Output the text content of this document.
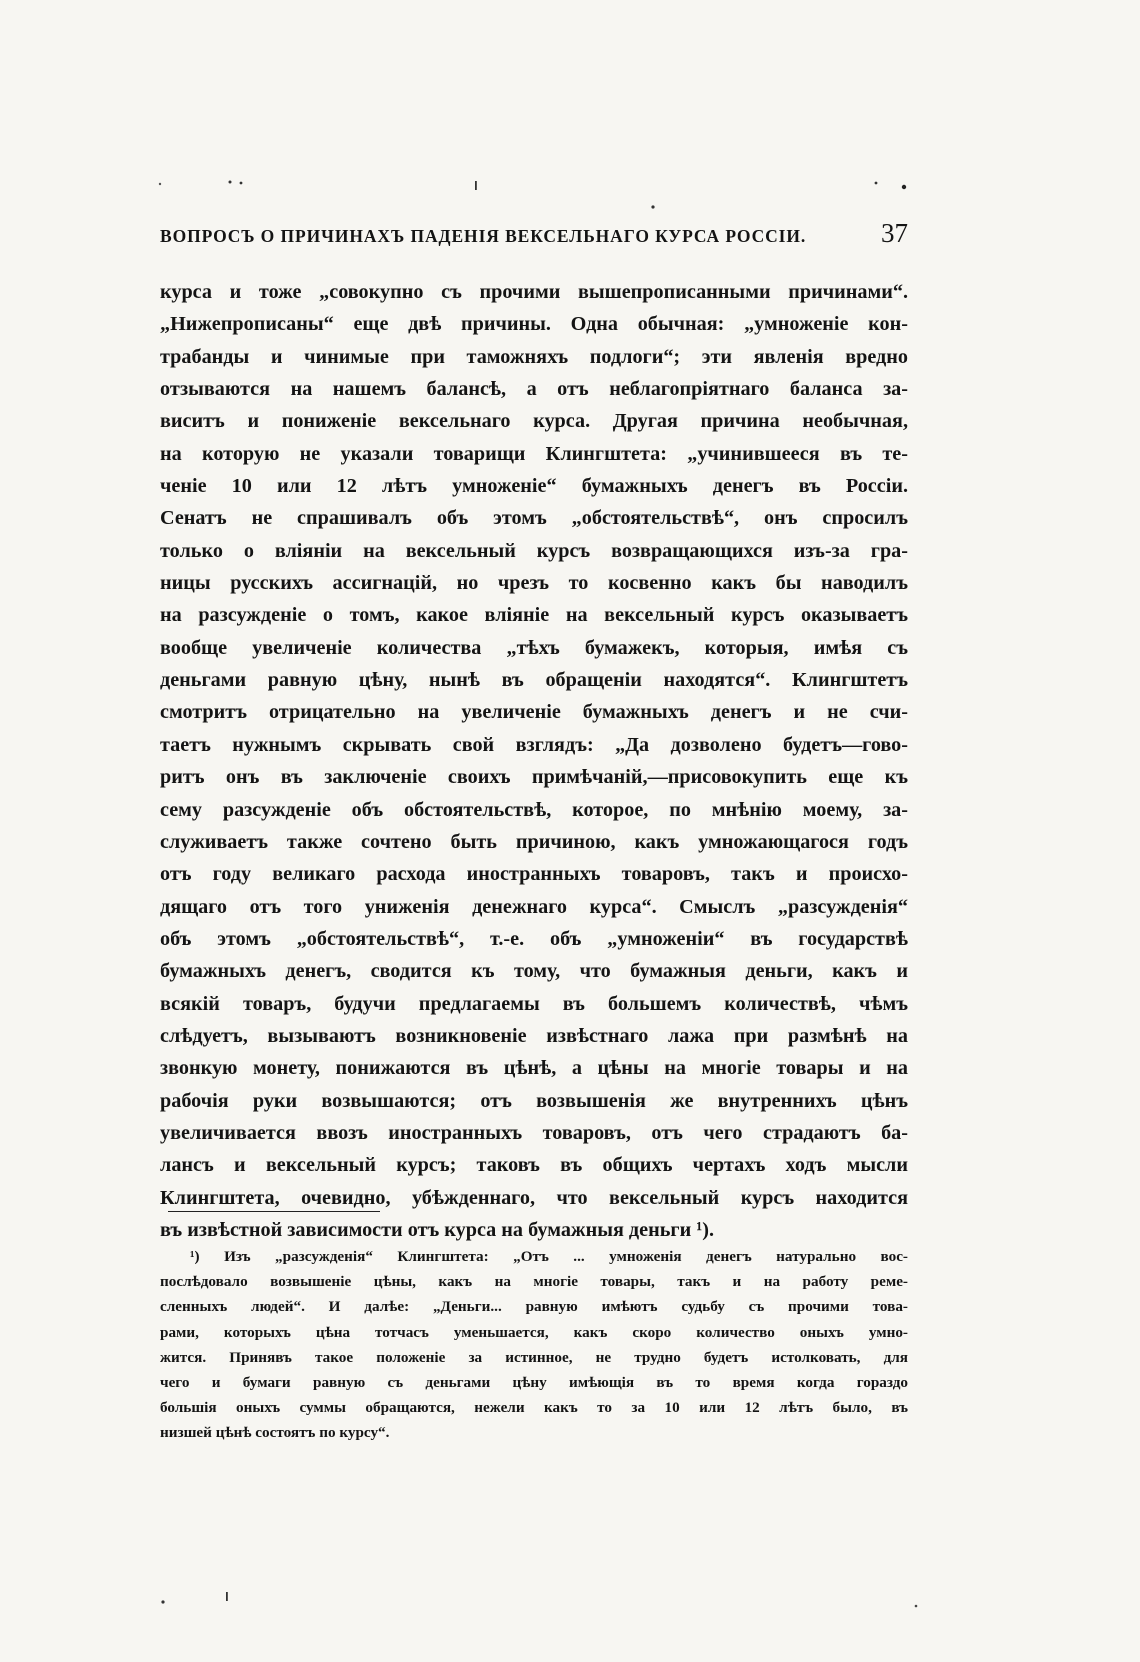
ВОПРОСЪ О ПРИЧИНАХЪ ПАДЕНІЯ ВЕКСЕЛЬНАГО КУРСА РОССІИ.	37
курса и тоже „совокупно съ прочими вышепрописанными причинами“.
„Нижепрописаны“ еще двѣ причины. Одна обычная: „умноженіе кон-
трабанды и чинимые при таможняхъ подлоги“; эти явленія вредно
отзываются на нашемъ балансѣ, а отъ неблагопріятнаго баланса за-
виситъ и пониженіе вексельнаго курса. Другая причина необычная,
на которую не указали товарищи Клингштета: „учинившееся въ те-
ченіе 10 или 12 лѣтъ умноженіе“ бумажныхъ денегъ въ Россіи.
Сенатъ не спрашивалъ объ этомъ „обстоятельствѣ“, онъ спросилъ
только о вліяніи на вексельный курсъ возвращающихся изъ-за гра-
ницы русскихъ ассигнацій, но чрезъ то косвенно какъ бы наводилъ
на разсужденіе о томъ, какое вліяніе на вексельный курсъ оказываетъ
вообще увеличеніе количества „тѣхъ бумажекъ, которыя, имѣя съ
деньгами равную цѣну, нынѣ въ обращеніи находятся“. Клингштетъ
смотритъ отрицательно на увеличеніе бумажныхъ денегъ и не счи-
таетъ нужнымъ скрывать свой взглядъ: „Да дозволено будетъ—гово-
ритъ онъ въ заключеніе своихъ примѣчаній,—присовокупить еще къ
сему разсужденіе объ обстоятельствѣ, которое, по мнѣнію моему, за-
служиваетъ также сочтено быть причиною, какъ умножающагося годъ
отъ году великаго расхода иностранныхъ товаровъ, такъ и происхо-
дящаго отъ того униженія денежнаго курса“. Смыслъ „разсужденія“
объ этомъ „обстоятельствѣ“, т.-е. объ „умноженіи“ въ государствѣ
бумажныхъ денегъ, сводится къ тому, что бумажныя деньги, какъ и
всякій товаръ, будучи предлагаемы въ большемъ количествѣ, чѣмъ
слѣдуетъ, вызываютъ возникновеніе извѣстнаго лажа при размѣнѣ на
звонкую монету, понижаются въ цѣнѣ, а цѣны на многіе товары и на
рабочія руки возвышаются; отъ возвышенія же внутреннихъ цѣнъ
увеличивается ввозъ иностранныхъ товаровъ, отъ чего страдаютъ ба-
лансъ и вексельный курсъ; таковъ въ общихъ чертахъ ходъ мысли
Клингштета, очевидно, убѣжденнаго, что вексельный курсъ находится
въ извѣстной зависимости отъ курса на бумажныя деньги ¹).
¹) Изъ „разсужденія“ Клингштета: „Отъ ... умноженія денегъ натурально вос-
послѣдовало возвышеніе цѣны, какъ на многіе товары, такъ и на работу реме-
сленныхъ людей“. И далѣе: „Деньги... равную имѣютъ судьбу съ прочими това-
рами, которыхъ цѣна тотчасъ уменьшается, какъ скоро количество оныхъ умно-
жится. Принявъ такое положеніе за истинное, не трудно будетъ истолковать, для
чего и бумаги равную съ деньгами цѣну имѣющія въ то время когда гораздо
большія оныхъ суммы обращаются, нежели какъ то за 10 или 12 лѣтъ было, въ
низшей цѣнѣ состоятъ по курсу“.
